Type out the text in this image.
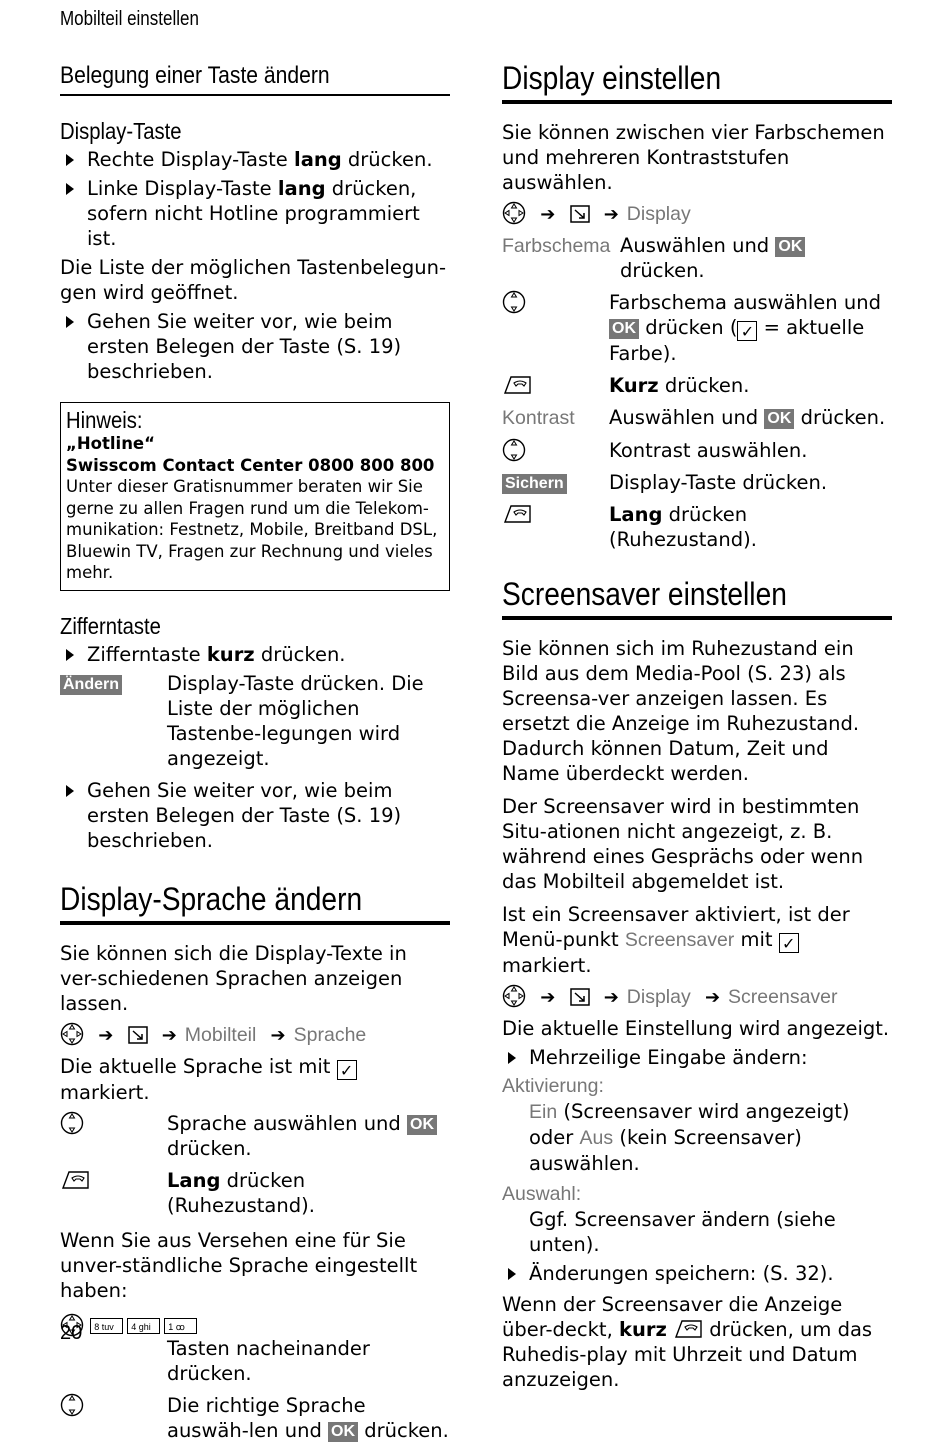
Mobilteil einstellen
Belegung einer Taste ändern
Display-Taste
Rechte Display-Taste lang drücken.
Linke Display-Taste lang drücken, sofern nicht Hotline programmiert ist.

Die Liste der möglichen Tastenbelegun-gen wird geöffnet.

Gehen Sie weiter vor, wie beim ersten Belegen der Taste (S. 19) beschrieben.
Hinweis:
„Hotline“
Swisscom Contact Center 0800 800 800
Unter dieser Gratisnummer beraten wir Sie gerne zu allen Fragen rund um die Telekom-munikation: Festnetz, Mobile, Breitband DSL, Bluewin TV, Fragen zur Rechnung und vieles mehr.
Zifferntaste
Zifferntaste kurz drücken.
Ändern	Display-Taste drücken. Die Liste der möglichen Tastenbe-legungen wird angezeigt.
Gehen Sie weiter vor, wie beim ersten Belegen der Taste (S. 19) beschrieben.
Display-Sprache ändern

Sie können sich die Display-Texte in ver-schiedenen Sprachen anzeigen lassen.

➔	➔ Mobilteil ➔ Sprache

Die aktuelle Sprache ist mit ✓ markiert.

Sprache auswählen und OK drücken.
Lang drücken (Ruhezustand).

Wenn Sie aus Versehen eine für Sie unver-ständliche Sprache eingestellt haben:

8 tuv 4 ghi 1 ꝏ
Tasten nacheinander drücken.
Die richtige Sprache auswäh-len und OK drücken.
Display einstellen

Sie können zwischen vier Farbschemen und mehreren Kontraststufen auswählen.

➔	➔ Display
Farbschema Auswählen und OK drücken.
Farbschema auswählen und OK drücken ( ✓ = aktuelle Farbe).
Kurz drücken.
Kontrast	Auswählen und OK drücken.
Kontrast auswählen.
Sichern	Display-Taste drücken.
Lang drücken (Ruhezustand).
Screensaver einstellen

Sie können sich im Ruhezustand ein Bild aus dem Media-Pool (S. 23) als Screensa-ver anzeigen lassen. Es ersetzt die Anzeige im Ruhezustand. Dadurch können Datum, Zeit und Name überdeckt werden.

Der Screensaver wird in bestimmten Situ-ationen nicht angezeigt, z. B. während eines Gesprächs oder wenn das Mobilteil abgemeldet ist.

Ist ein Screensaver aktiviert, ist der Menü-punkt Screensaver mit ✓ markiert.

➔	➔ Display ➔ Screensaver

Die aktuelle Einstellung wird angezeigt.

Mehrzeilige Eingabe ändern:
Aktivierung:
Ein (Screensaver wird angezeigt) oder Aus (kein Screensaver) auswählen.
Auswahl:
Ggf. Screensaver ändern (siehe unten).
Änderungen speichern: (S. 32).

Wenn der Screensaver die Anzeige über-deckt, kurz  drücken, um das Ruhedis-play mit Uhrzeit und Datum anzuzeigen.

20
